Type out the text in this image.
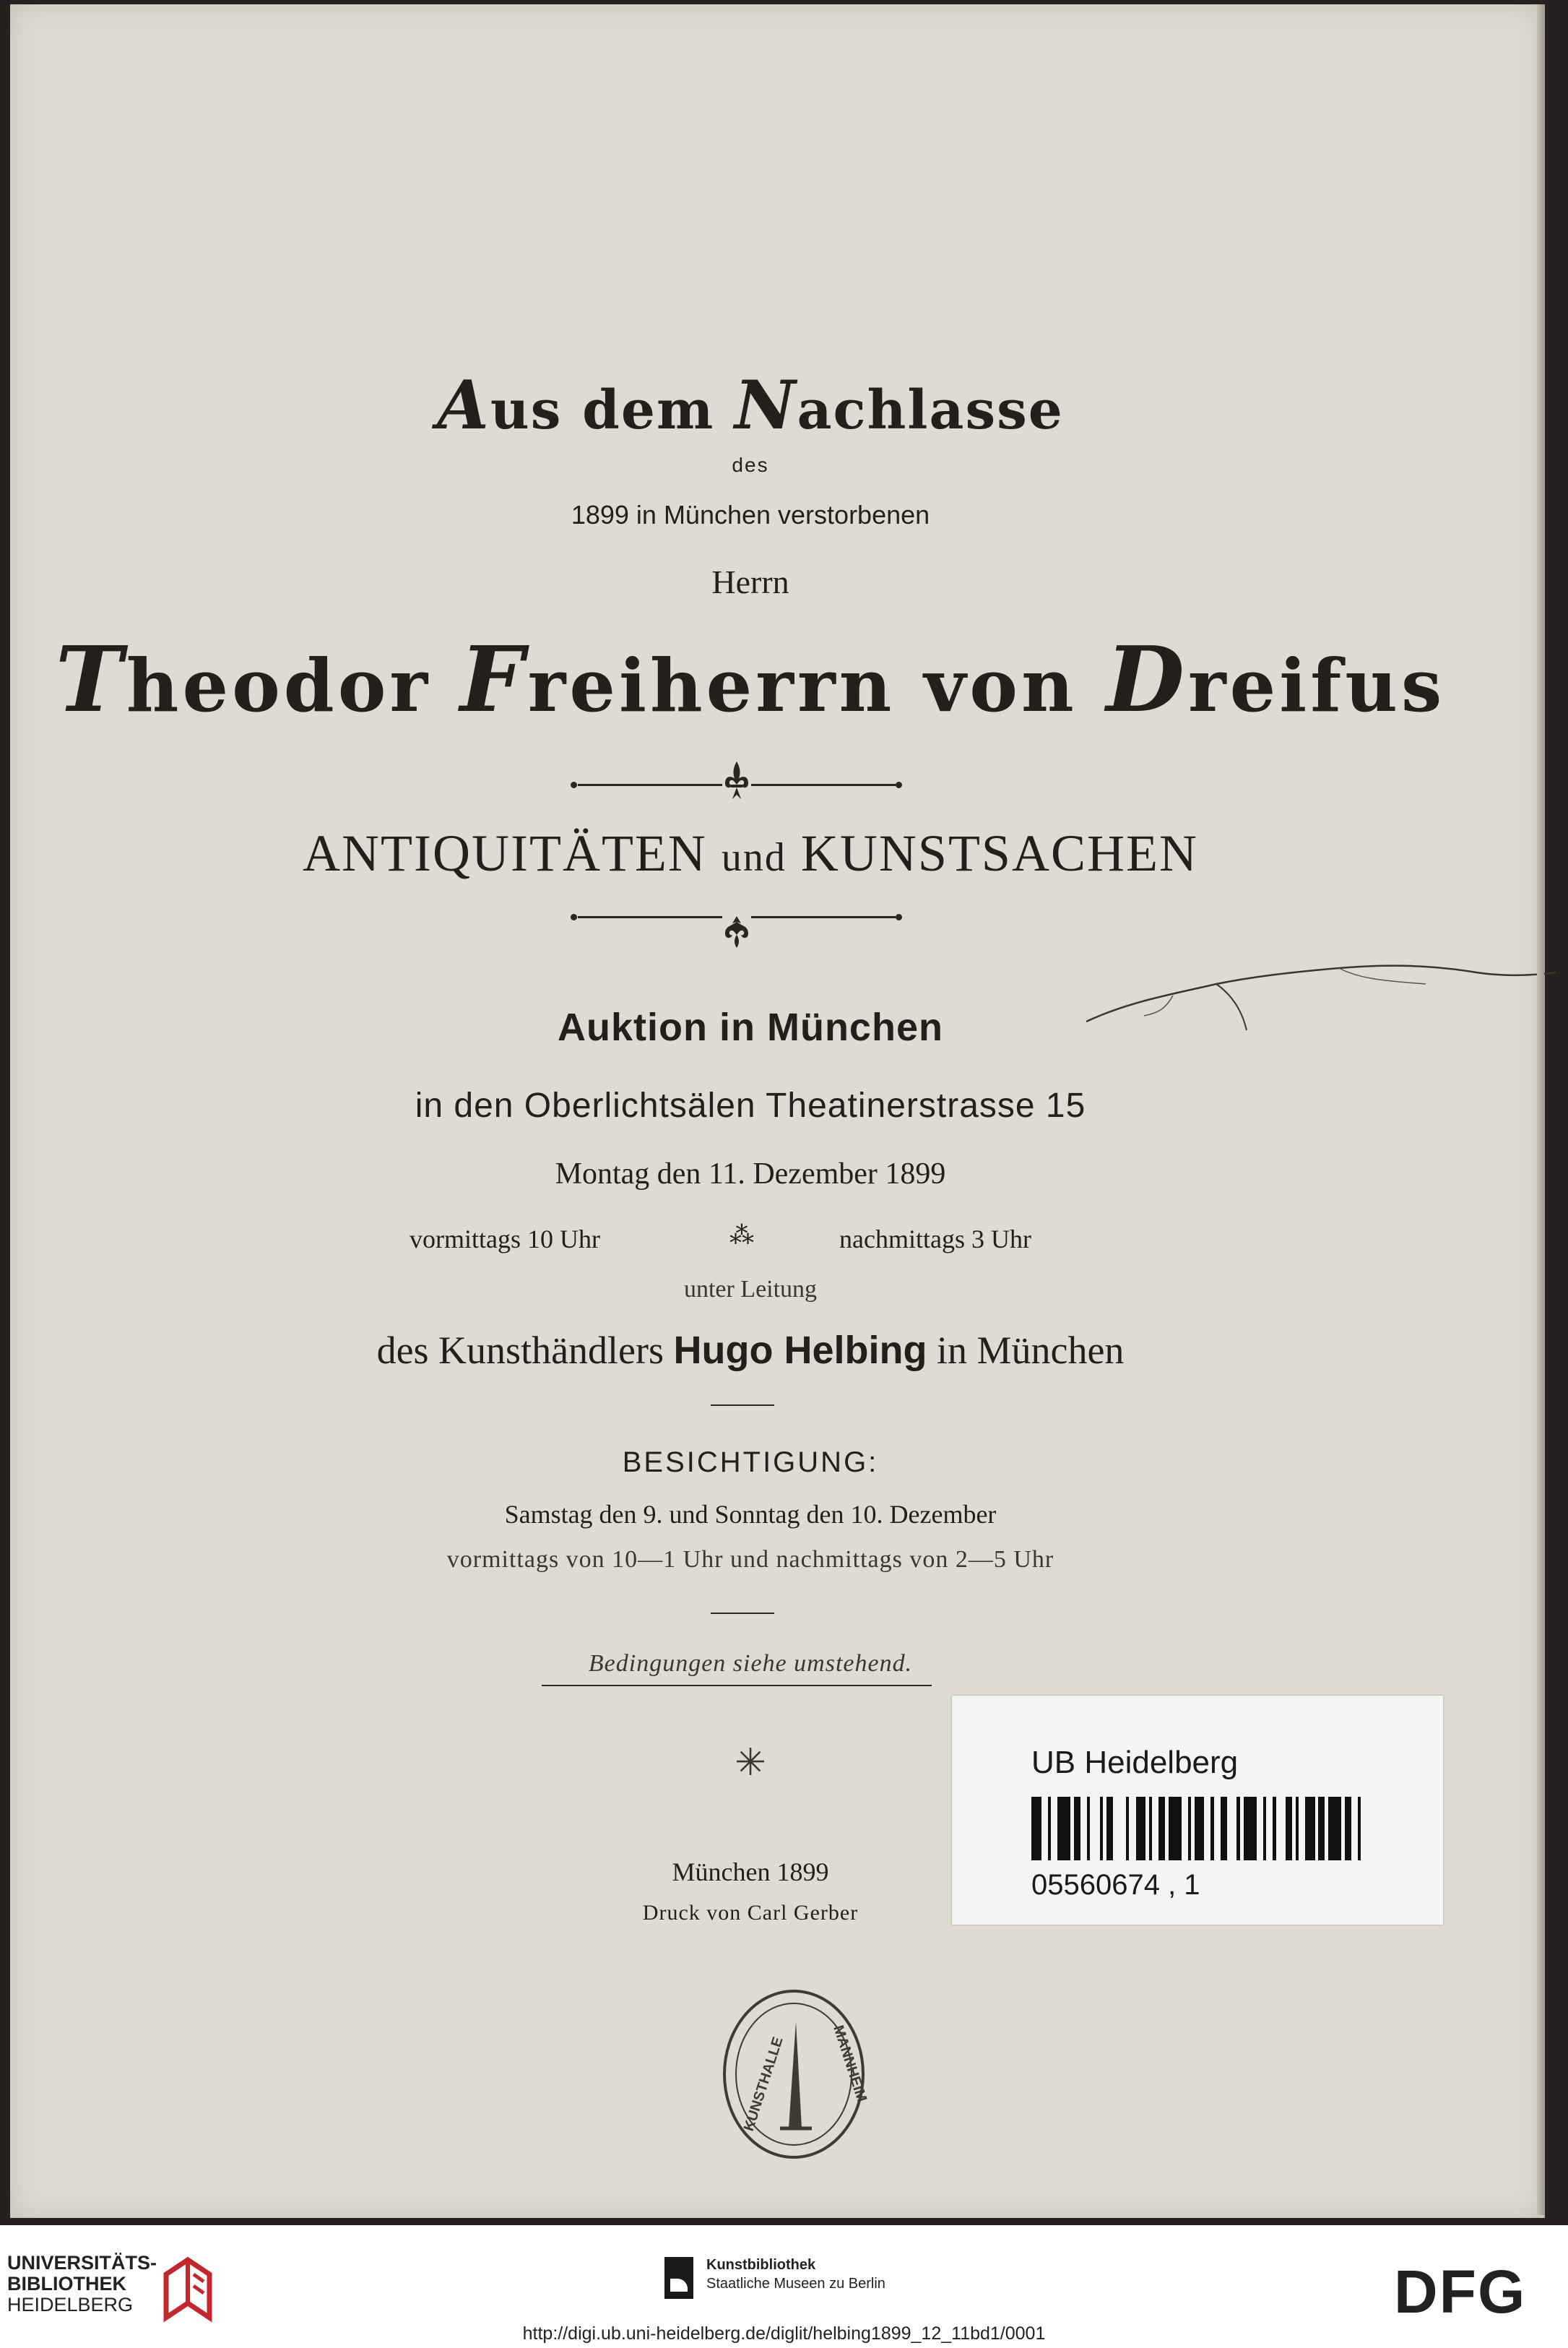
Aus dem Nachlasse
des
1899 in München verstorbenen
Herrn
Theodor Freiherrn von Dreifus
ANTIQUITÄTEN und KUNSTSACHEN
Auktion in München
in den Oberlichtsälen Theatinerstrasse 15
Montag den 11. Dezember 1899
vormittags 10 Uhr	⁂	nachmittags 3 Uhr
unter Leitung
des Kunsthändlers Hugo Helbing in München
BESICHTIGUNG:
Samstag den 9. und Sonntag den 10. Dezember
vormittags von 10—1 Uhr und nachmittags von 2—5 Uhr
Bedingungen siehe umstehend.
✳
München 1899
Druck von Carl Gerber
KUNSTHALLE	MANNHEIM
UB Heidelberg
05560674 , 1
UNIVERSITÄTS-
BIBLIOTHEK
HEIDELBERG
Kunstbibliothek
Staatliche Museen zu Berlin	DFG
http://digi.ub.uni-heidelberg.de/diglit/helbing1899_12_11bd1/0001
